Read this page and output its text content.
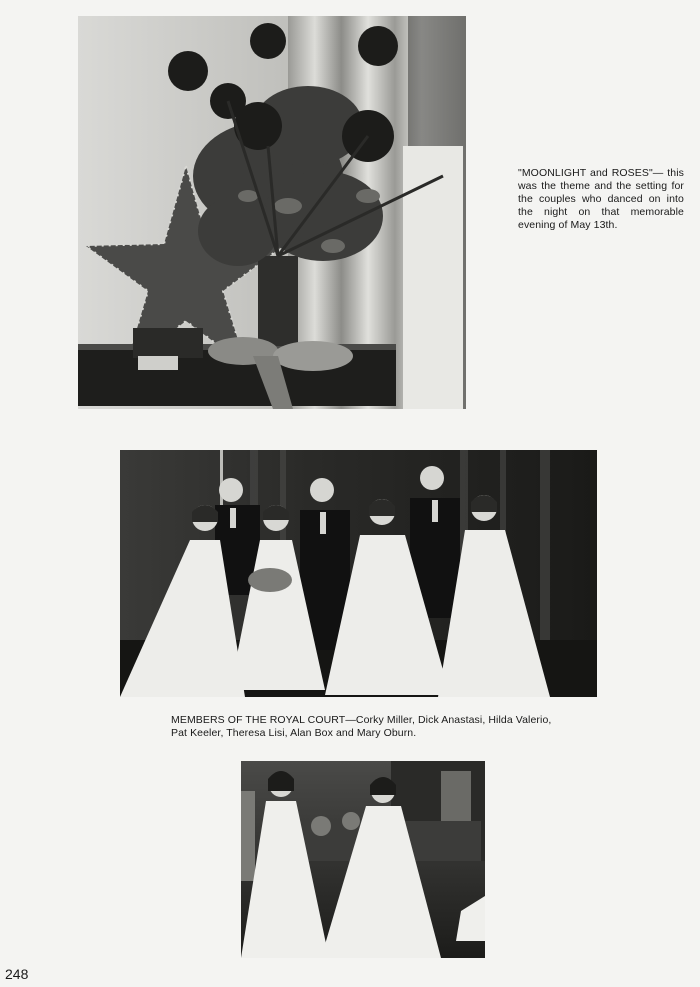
"MOONLIGHT and ROSES"— this was the theme and the setting for the couples who danced on into the night on that memorable evening of May 13th.
MEMBERS OF THE ROYAL COURT—Corky Miller, Dick Anastasi, Hilda Valerio, Pat Keeler, Theresa Lisi, Alan Box and Mary Oburn.
248
